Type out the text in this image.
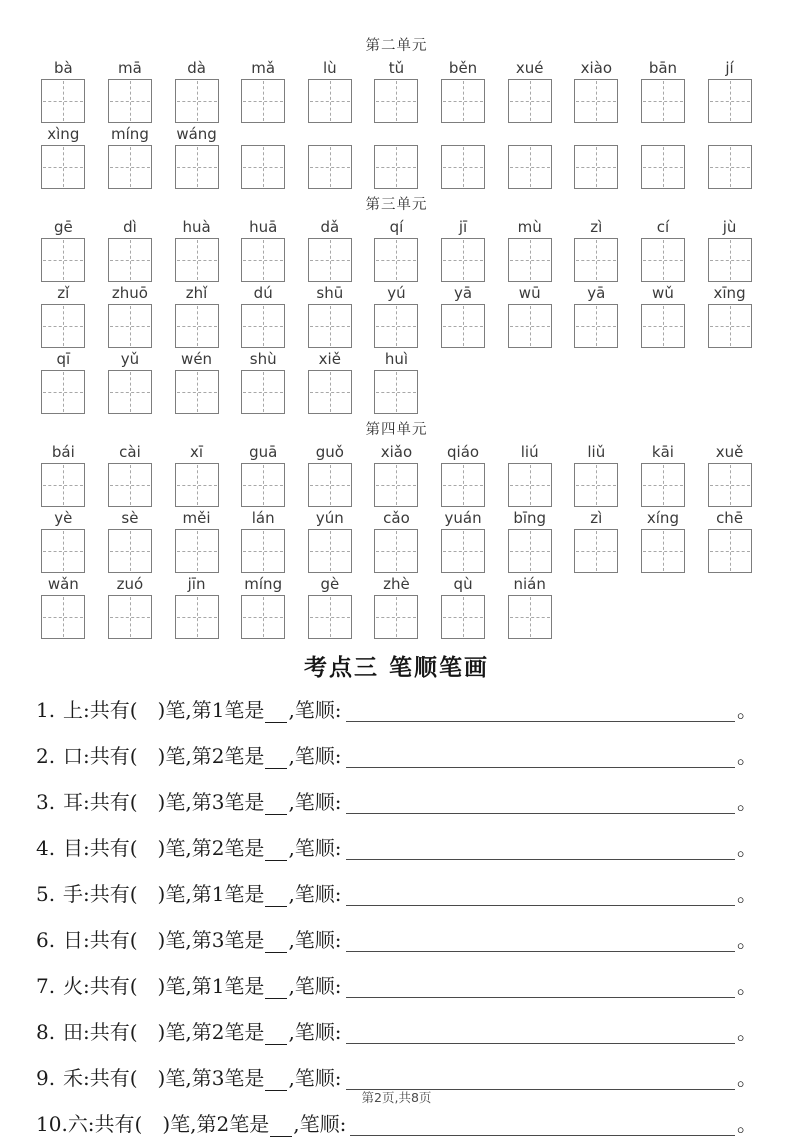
第二单元
bà	mā	dà	mǎ	lù	tǔ	běn	xué xiào bān	jí
xìng míng wáng
第三单元
gē	dì	huà	huā	dǎ	qí	jī	mù	zì	cí	jù
zǐ	zhuō	zhǐ	dú	shū	yú	yā	wū	yā	wǔ	xīng
qī	yǔ	wén	shù	xiě	huì
第四单元
bái	cài	xī	guā	guǒ xiǎo qiáo	liú	liǔ	kāi	xuě
yè	sè	měi	lán	yún	cǎo yuán bīng	zì	xíng chē
wǎn	zuó	jīn	míng	gè	zhè	qù	nián
考点三 笔顺笔画
1. 上:共有(　)笔,第1笔是 ,笔顺:	。
2. 口:共有(　)笔,第2笔是 ,笔顺:	。
3. 耳:共有(　)笔,第3笔是 ,笔顺:	。
4. 目:共有(　)笔,第2笔是 ,笔顺:	。
5. 手:共有(　)笔,第1笔是 ,笔顺:	。
6. 日:共有(　)笔,第3笔是 ,笔顺:	。
7. 火:共有(　)笔,第1笔是 ,笔顺:	。
8. 田:共有(　)笔,第2笔是 ,笔顺:	。
9. 禾:共有(　)笔,第3笔是 ,笔顺:	。
10. 六:共有(　)笔,第2笔是 ,笔顺:	。
第2页,共8页
